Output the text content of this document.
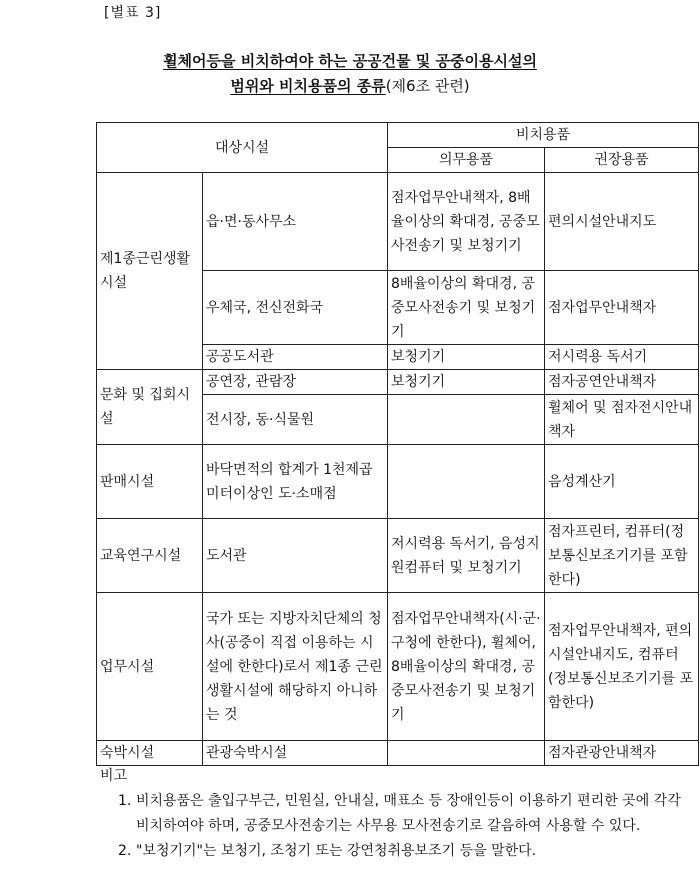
[별표 3]
휠체어등을 비치하여야 하는 공공건물 및 공중이용시설의
범위와 비치용품의 종류(제6조 관련)
대상시설		비치용품	
		의무용품	권장용품
제1종근린생활시설	읍·면·동사무소	점자업무안내책자, 8배율이상의 확대경, 공중모사전송기 및 보청기기	편의시설안내지도
	우체국, 전신전화국	8배율이상의 확대경, 공중모사전송기 및 보청기기	점자업무안내책자
	공공도서관	보청기기	저시력용 독서기
문화 및 집회시설	공연장, 관람장	보청기기	점자공연안내책자
	전시장, 동·식물원		휠체어 및 점자전시안내책자
판매시설	바닥면적의 합계가 1천제곱미터이상인 도·소매점		음성계산기
교육연구시설	도서관	저시력용 독서기, 음성지원컴퓨터 및 보청기기	점자프린터, 컴퓨터(정보통신보조기기를 포함한다)
업무시설	국가 또는 지방자치단체의 청사(공중이 직접 이용하는 시설에 한한다)로서 제1종 근린생활시설에 해당하지 아니하는 것	점자업무안내책자(시·군·구청에 한한다), 휠체어, 8배율이상의 확대경, 공중모사전송기 및 보청기기	점자업무안내책자, 편의시설안내지도, 컴퓨터(정보통신보조기기를 포함한다)
숙박시설	관광숙박시설		점자관광안내책자
비고
1. 비치용품은 출입구부근, 민원실, 안내실, 매표소 등 장애인등이 이용하기 편리한 곳에 각각 비치하여야 하며, 공중모사전송기는 사무용 모사전송기로 갈음하여 사용할 수 있다.
2. "보청기기"는 보청기, 조청기 또는 강연청취용보조기 등을 말한다.
